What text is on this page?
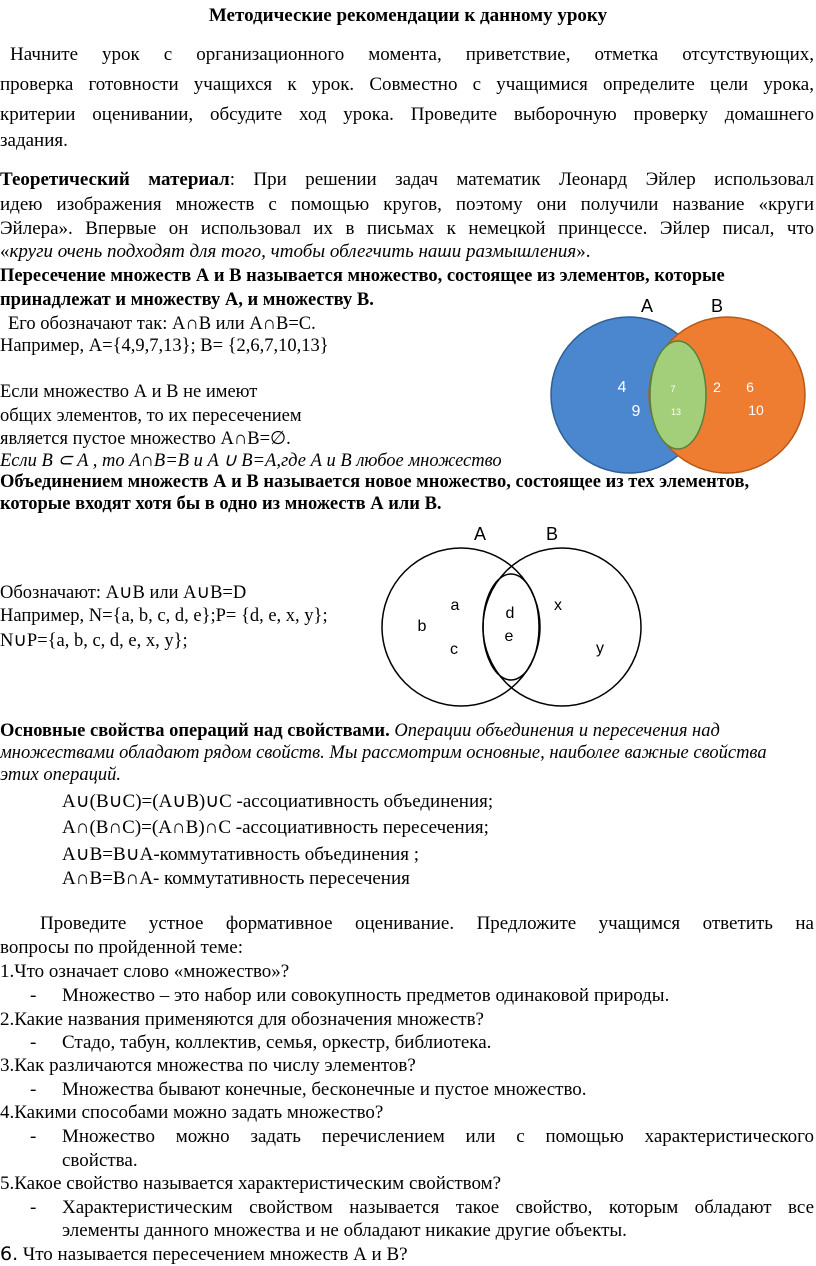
Методические рекомендации к данному уроку
Начните урок с организационного момента, приветствие, отметка отсутствующих,
проверка готовности учащихся к урок. Совместно с учащимися определите цели урока,
критерии оценивании, обсудите ход урока. Проведите выборочную проверку домашнего
задания.
Теоретический материал: При решении задач математик Леонард Эйлер использовал
идею изображения множеств с помощью кругов, поэтому они получили название «круги
Эйлера». Впервые он использовал их в письмах к немецкой принцессе. Эйлер писал, что
«круги очень подходят для того, чтобы облегчить наши размышления».
Пересечение множеств А и В называется множество, состоящее из элементов, которые
принадлежат и множеству А, и множеству В.
Его обозначают так: A∩B или A∩B=C.
Например, A={4,9,7,13}; B= {2,6,7,10,13}
Если множество А и В не имеют
общих элементов, то их пересечением
является пустое множество A∩B=∅.
Если B ⊂ A , то A∩B=B и A ∪ B=A,где А и В любое множество
A	B
4
9
7
13
2 6
10
Объединением множеств А и В называется новое множество, состоящее из тех элементов,
которые входят хотя бы в одно из множеств А или В.
Обозначают: A∪B или A∪B=D
Например, N={a, b, c, d, e};P= {d, e, x, y};
N∪P={a, b, c, d, e, x, y};
A	B
a
b
c
d
e
x
y
Основные свойства операций над свойствами. Операции объединения и пересечения над
множествами обладают рядом свойств. Мы рассмотрим основные, наиболее важные свойства
этих операций.
A∪(B∪C)=(A∪B)∪C -ассоциативность объединения;
A∩(B∩C)=(A∩B)∩C -ассоциативность пересечения;
A∪B=B∪A-коммутативность объединения ;
A∩B=B∩A- коммутативность пересечения
Проведите устное формативное оценивание. Предложите учащимся ответить на
вопросы по пройденной теме:
1.Что означает слово «множество»?
- Множество – это набор или совокупность предметов одинаковой природы.
2.Какие названия применяются для обозначения множеств?
- Стадо, табун, коллектив, семья, оркестр, библиотека.
3.Как различаются множества по числу элементов?
- Множества бывают конечные, бесконечные и пустое множество.
4.Какими способами можно задать множество?
- Множество можно задать перечислением или с помощью характеристического
свойства.
5.Какое свойство называется характеристическим свойством?
- Характеристическим свойством называется такое свойство, которым обладают все
элементы данного множества и не обладают никакие другие объекты.
6. Что называется пересечением множеств А и В?
